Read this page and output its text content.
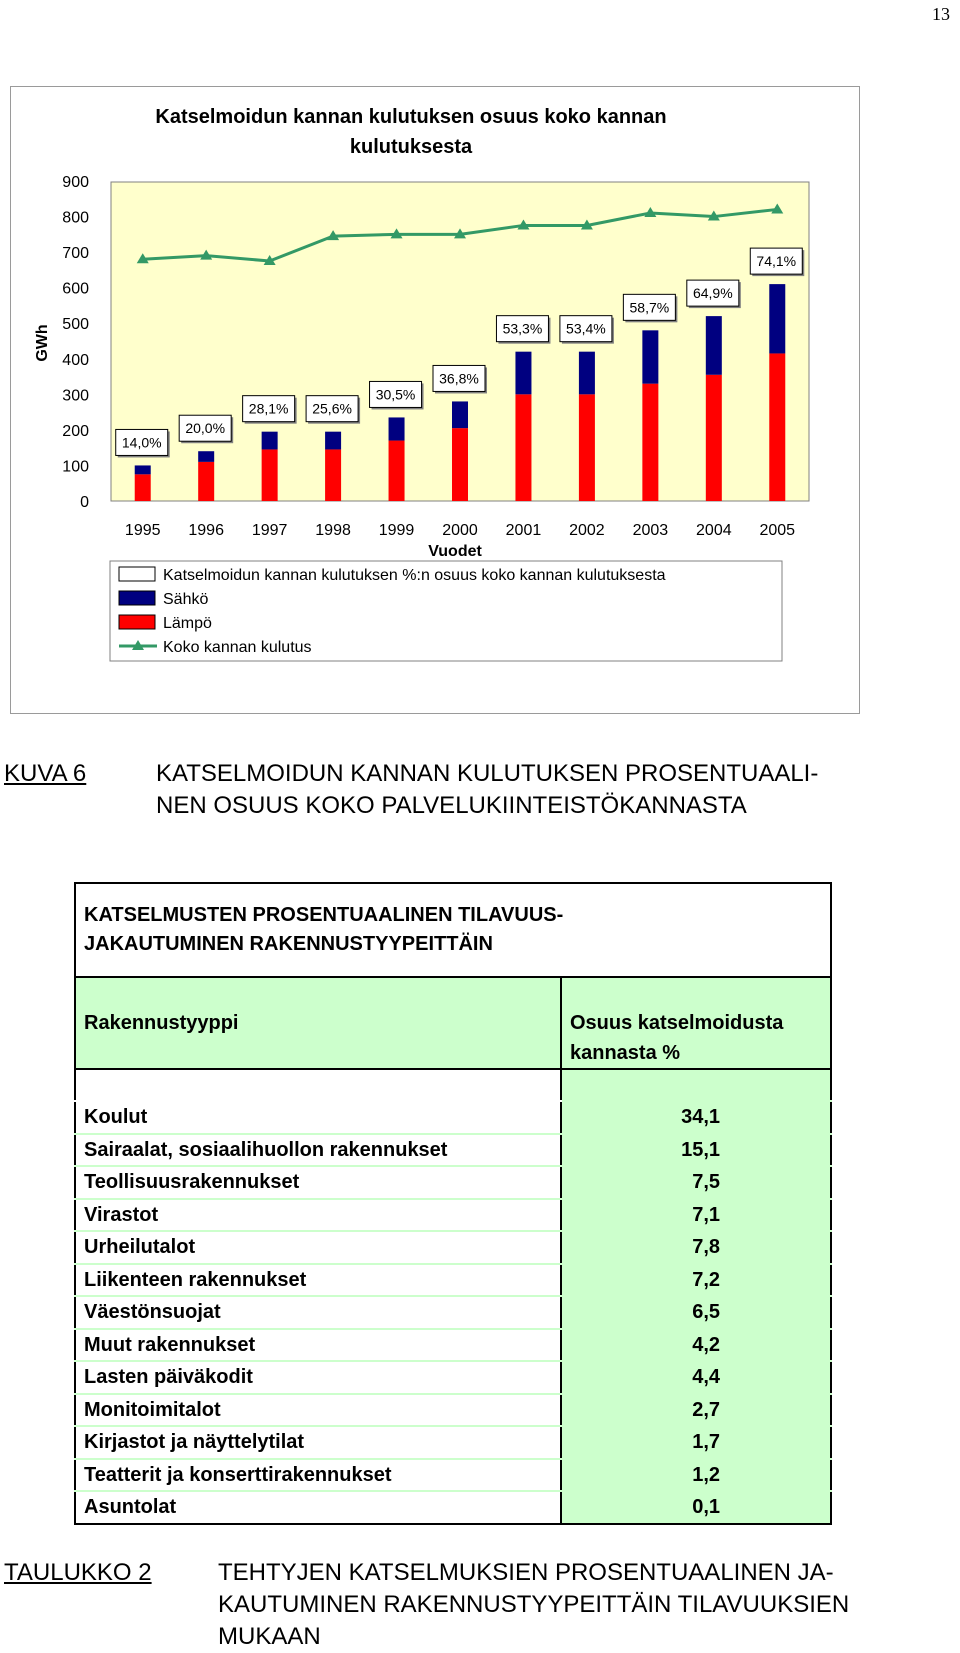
13
Katselmoidun kannan kulutuksen osuus koko kannan
kulutuksesta
GWh
0
100
200
300
400
500
600
700
800
900
1995
14,0%
1996
20,0%
1997
28,1%
1998
25,6%
1999
30,5%
2000
36,8%
2001
53,3%
2002
53,4%
2003
58,7%
2004
64,9%
2005
74,1%
Vuodet
Katselmoidun kannan kulutuksen %:n osuus koko kannan kulutuksesta
Sähkö
Lämpö
Koko kannan kulutus
KUVA 6	KATSELMOIDUN KANNAN KULUTUKSEN PROSENTUAALI-
NEN OSUUS KOKO PALVELUKIINTEISTÖKANNASTA
KATSELMUSTEN PROSENTUAALINEN TILAVUUS-
JAKAUTUMINEN RAKENNUSTYYPEITTÄIN	

Rakennustyyppi	Osuus katselmoidusta
kannasta %

Koulut	34,1
Sairaalat, sosiaalihuollon rakennukset	15,1
Teollisuusrakennukset	7,5
Virastot	7,1
Urheilutalot	7,8
Liikenteen rakennukset	7,2
Väestönsuojat	6,5
Muut rakennukset	4,2
Lasten päiväkodit	4,4
Monitoimitalot	2,7
Kirjastot ja näyttelytilat	1,7
Teatterit ja konserttirakennukset	1,2
Asuntolat	0,1
TAULUKKO 2	TEHTYJEN KATSELMUKSIEN PROSENTUAALINEN JA-
KAUTUMINEN RAKENNUSTYYPEITTÄIN TILAVUUKSIEN
MUKAAN
